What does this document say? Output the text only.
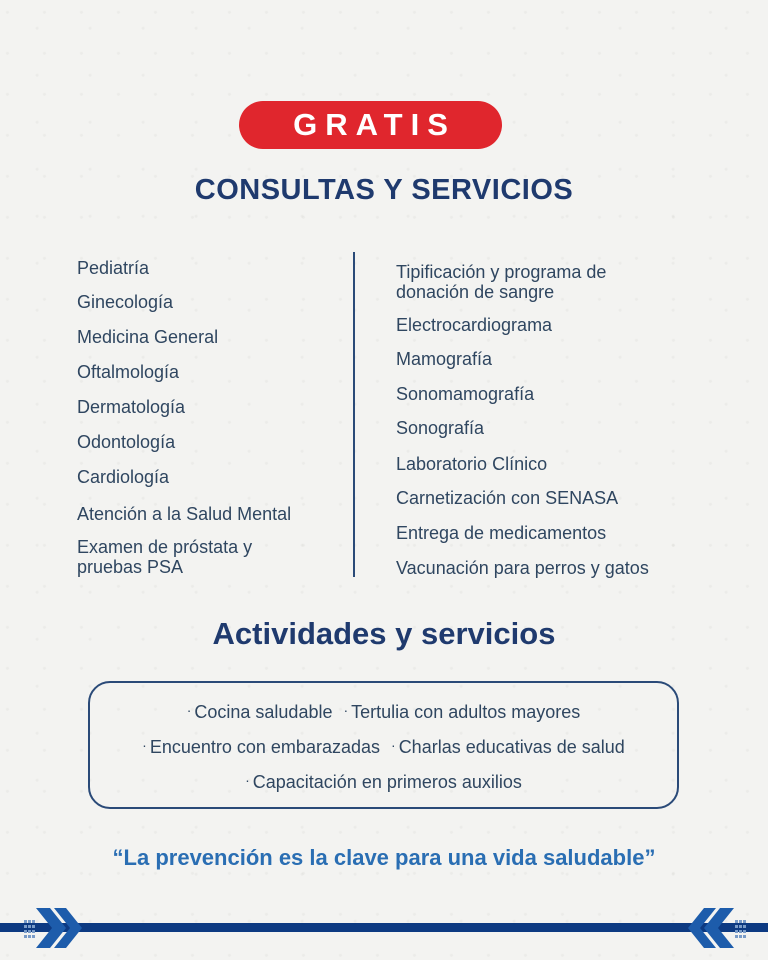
GRATIS
CONSULTAS Y SERVICIOS
Pediatría
Ginecología
Medicina General
Oftalmología
Dermatología
Odontología
Cardiología
Atención a la Salud Mental
Examen de próstata y
pruebas PSA
Tipificación y programa de
donación de sangre
Electrocardiograma
Mamografía
Sonomamografía
Sonografía
Laboratorio Clínico
Carnetización con SENASA
Entrega de medicamentos
Vacunación para perros y gatos
Actividades y servicios
· Cocina saludable · Tertulia con adultos mayores
· Encuentro con embarazadas · Charlas educativas de salud
· Capacitación en primeros auxilios
“La prevención es la clave para una vida saludable”
